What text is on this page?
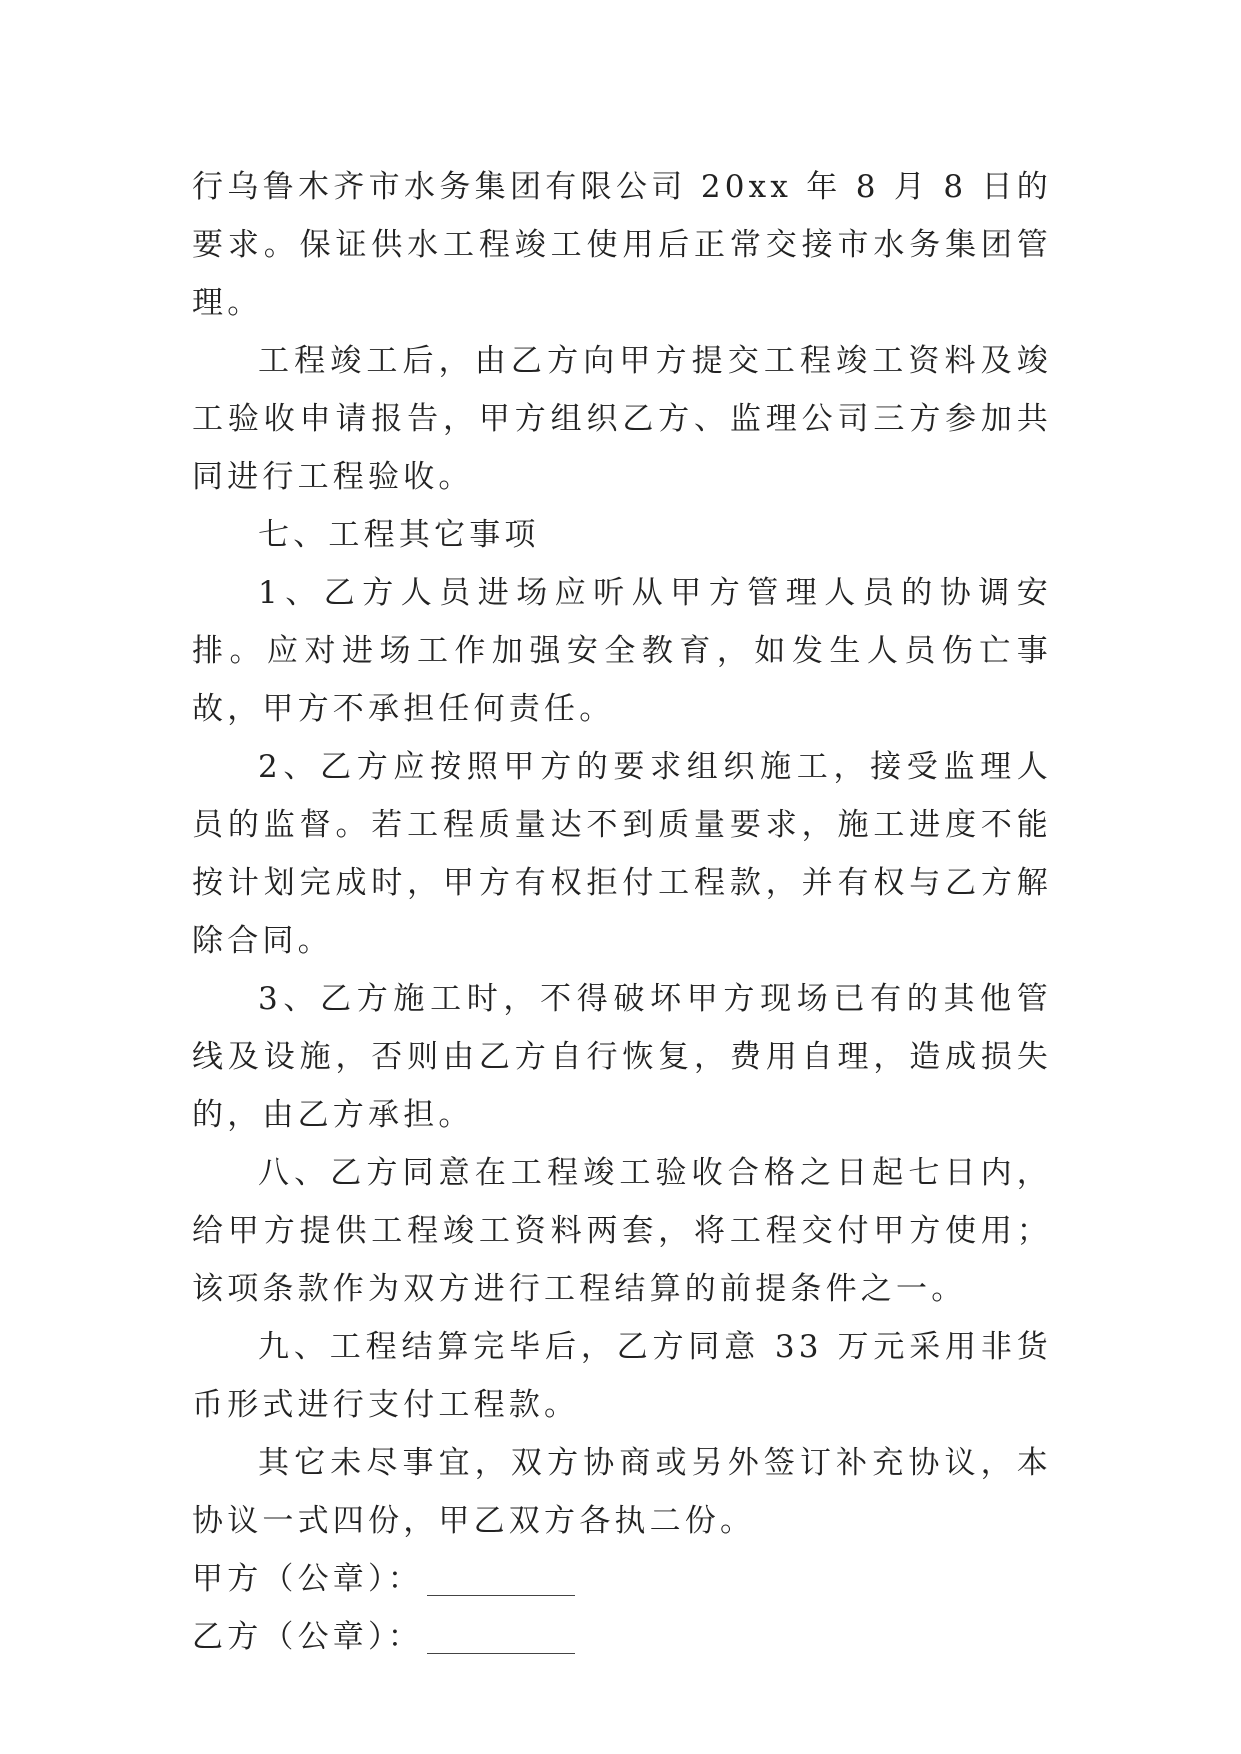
行乌鲁木齐市水务集团有限公司 20xx 年 8 月 8 日的要求。保证供水工程竣工使用后正常交接市水务集团管理。

工程竣工后，由乙方向甲方提交工程竣工资料及竣工验收申请报告，甲方组织乙方、监理公司三方参加共同进行工程验收。

七、工程其它事项

1、乙方人员进场应听从甲方管理人员的协调安排。应对进场工作加强安全教育，如发生人员伤亡事故，甲方不承担任何责任。

2、乙方应按照甲方的要求组织施工，接受监理人员的监督。若工程质量达不到质量要求，施工进度不能按计划完成时，甲方有权拒付工程款，并有权与乙方解除合同。

3、乙方施工时，不得破坏甲方现场已有的其他管线及设施，否则由乙方自行恢复，费用自理，造成损失的，由乙方承担。

八、乙方同意在工程竣工验收合格之日起七日内，给甲方提供工程竣工资料两套，将工程交付甲方使用；该项条款作为双方进行工程结算的前提条件之一。

九、工程结算完毕后，乙方同意 33 万元采用非货币形式进行支付工程款。

其它未尽事宜，双方协商或另外签订补充协议，本协议一式四份，甲乙双方各执二份。

甲方（公章）：

乙方（公章）：
